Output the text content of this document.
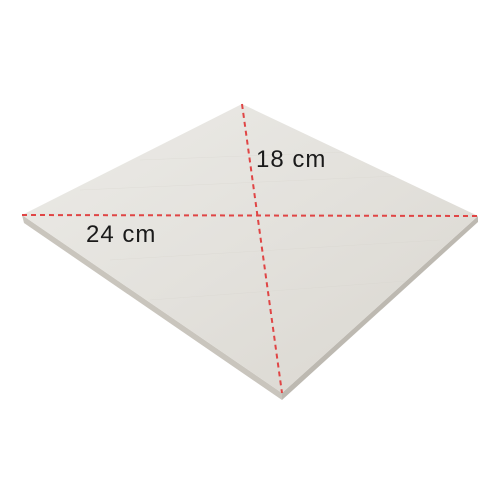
18 cm
24 cm
